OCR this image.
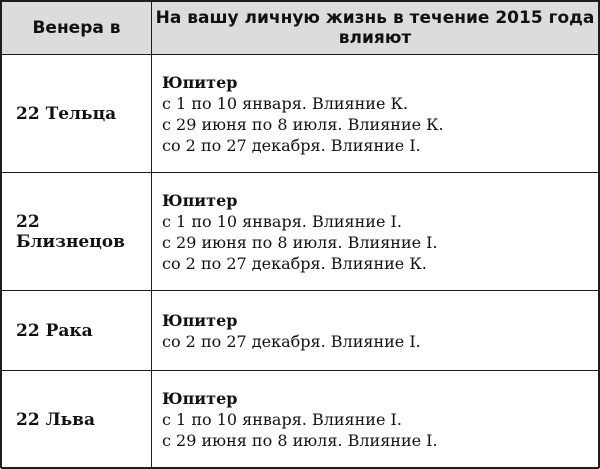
Венера в	На вашу личную жизнь в течение 2015 года влияют
22 Тельца	Юпитер
с 1 по 10 января. Влияние К.
с 29 июня по 8 июля. Влияние К.
со 2 по 27 декабря. Влияние I.

22 Близнецов	Юпитер
с 1 по 10 января. Влияние I.
с 29 июня по 8 июля. Влияние I.
со 2 по 27 декабря. Влияние К.

22 Рака	Юпитер
со 2 по 27 декабря. Влияние I.

22 Льва	Юпитер
с 1 по 10 января. Влияние I.
с 29 июня по 8 июля. Влияние I.
